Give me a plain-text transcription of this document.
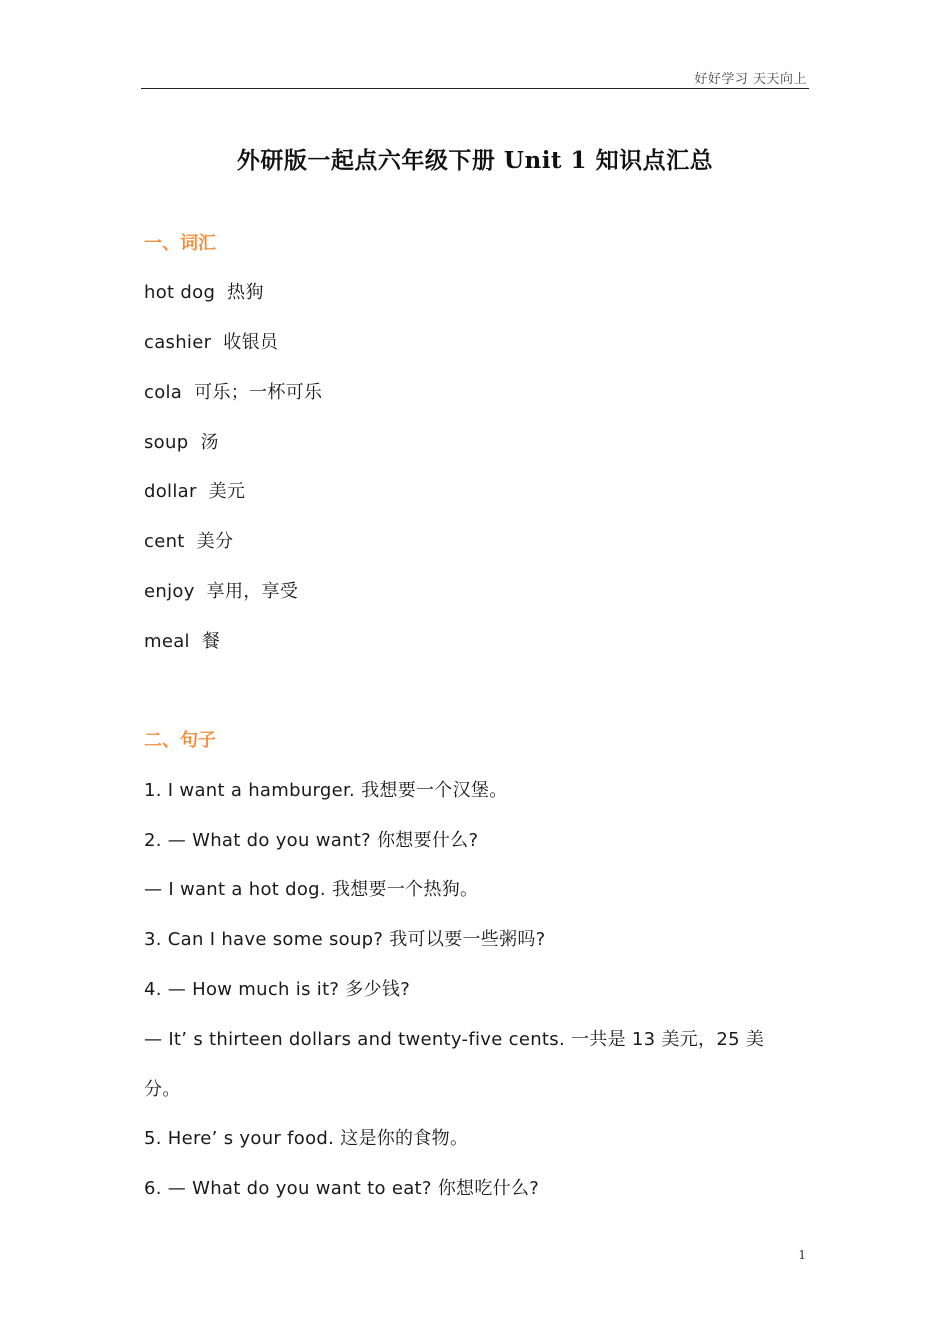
好好学习 天天向上
外研版一起点六年级下册 Unit 1 知识点汇总
一、词汇
hot dog 热狗
cashier 收银员
cola 可乐；一杯可乐
soup 汤
dollar 美元
cent 美分
enjoy 享用，享受
meal 餐
二、句子
1. I want a hamburger. 我想要一个汉堡。
2. — What do you want? 你想要什么?
— I want a hot dog. 我想要一个热狗。
3. Can I have some soup? 我可以要一些粥吗?
4. — How much is it? 多少钱?
— It’ s thirteen dollars and twenty-five cents. 一共是 13 美元，25 美
分。
5. Here’ s your food. 这是你的食物。
6. — What do you want to eat? 你想吃什么?
1
